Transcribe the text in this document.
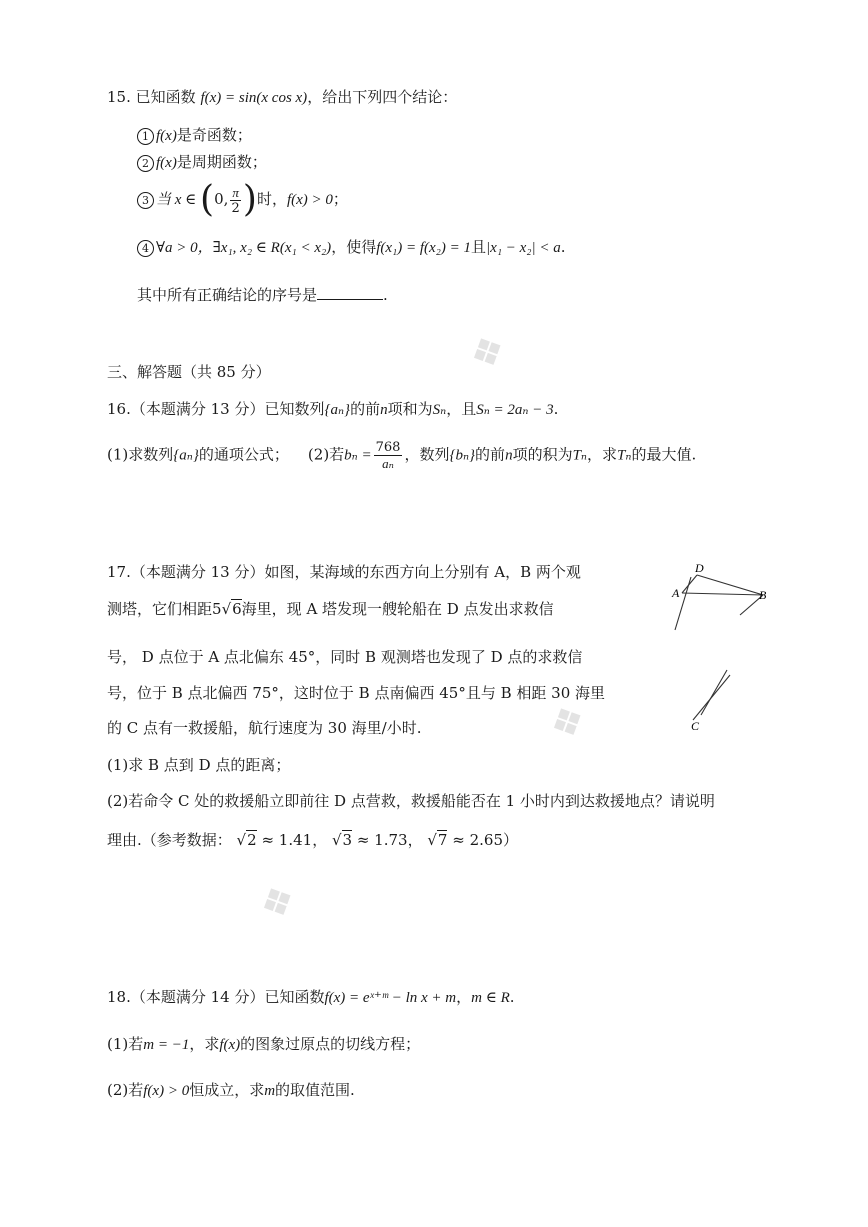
❖
❖
❖
15. 已知函数 f(x) = sin(x cos x)，给出下列四个结论：
1 f(x)是奇函数；
2 f(x)是周期函数；
3 当 x ∈ (0, $\frac{\pi}{2}$ )时，f(x) > 0；
4 ∀a > 0，∃x₁, x₂ ∈ R(x₁ < x₂)，使得f(x₁) = f(x₂) = 1且|x₁ − x₂| < a.
其中所有正确结论的序号是	.
三、解答题（共 85 分）
16.（本题满分 13 分）已知数列{aₙ}的前n项和为Sₙ，且Sₙ = 2aₙ − 3.
(1)求数列{aₙ}的通项公式； (2)若$b_n = \frac{768}{\text{aₙ}}$ ，数列{bₙ}的前n项的积为Tₙ，求Tₙ的最大值.
17.（本题满分 13 分）如图，某海域的东西方向上分别有 A，B 两个观
测塔，它们相距5√6海里，现 A 塔发现一艘轮船在 D 点发出求救信
号， D 点位于 A 点北偏东 45°，同时 B 观测塔也发现了 D 点的求救信
号，位于 B 点北偏西 75°，这时位于 B 点南偏西 45°且与 B 相距 30 海里
的 C 点有一救援船，航行速度为 30 海里/小时.
(1)求 B 点到 D 点的距离；
(2)若命令 C 处的救援船立即前往 D 点营救，救援船能否在 1 小时内到达救援地点？请说明
理由.（参考数据： √2 ≈ 1.41， √3 ≈ 1.73， √7 ≈ 2.65）
D
A	B
C
18.（本题满分 14 分）已知函数f(x) = eˣ⁺ᵐ − ln x + m，m ∈ R.
(1)若m = −1，求f(x)的图象过原点的切线方程；
(2)若f(x) > 0恒成立，求m的取值范围.
